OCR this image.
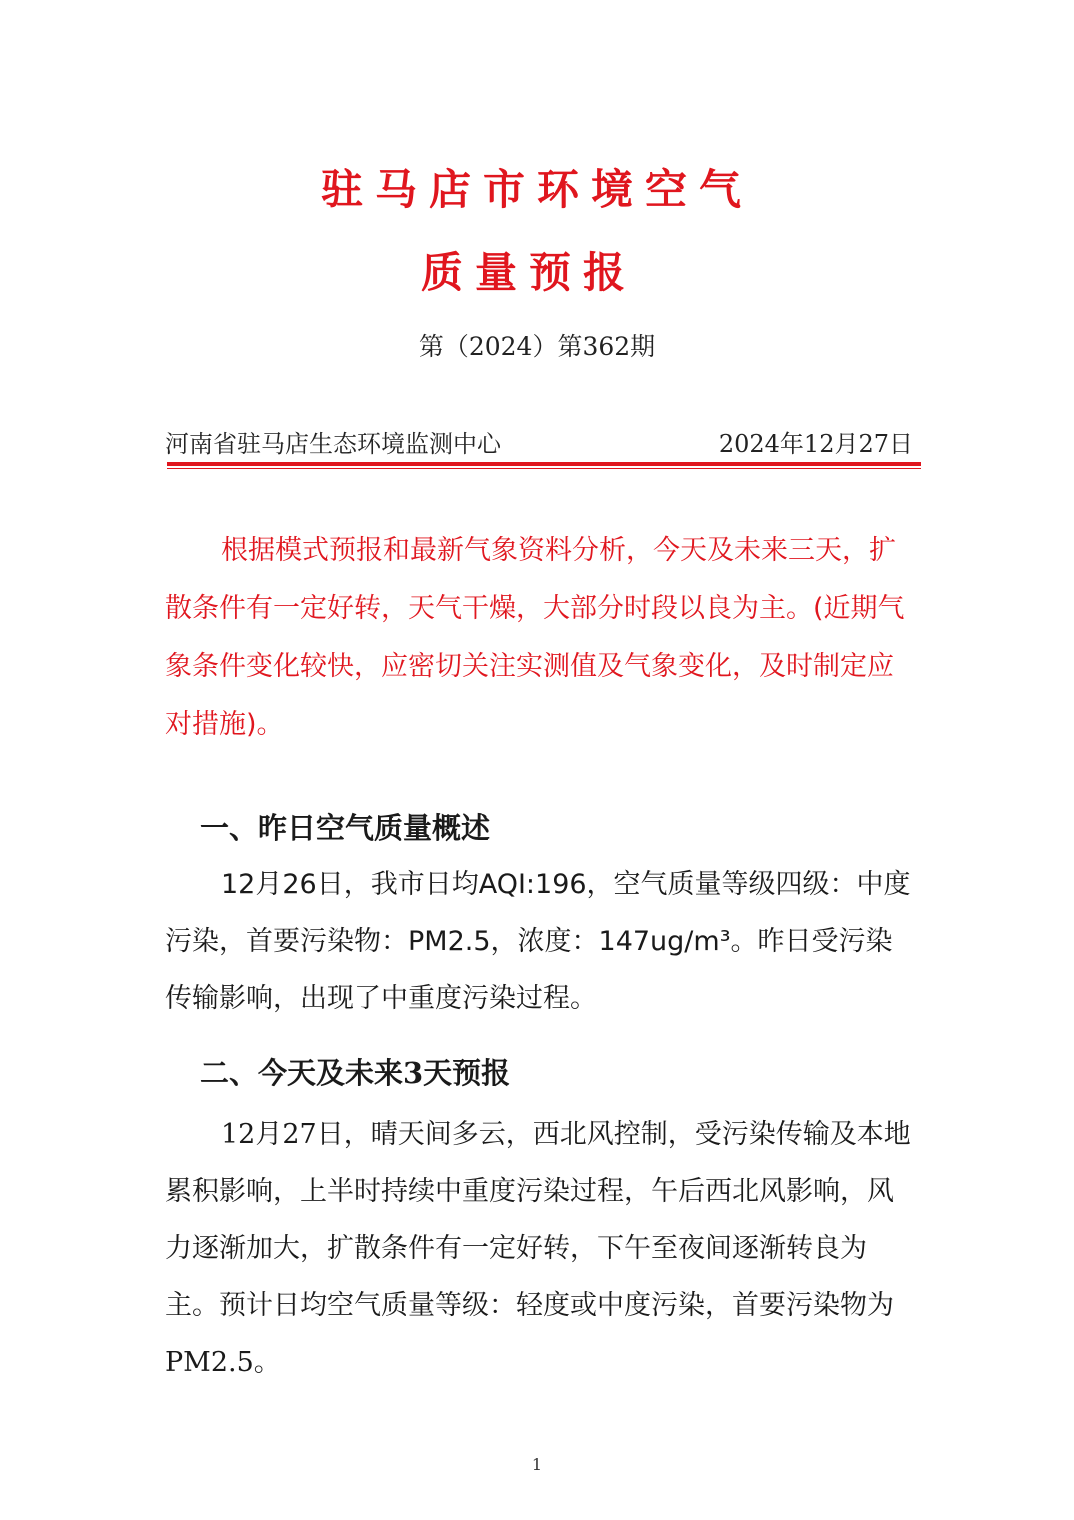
驻马店市环境空气
质量预报
第（2024）第362期
河南省驻马店生态环境监测中心	2024年12月27日

根据模式预报和最新气象资料分析，今天及未来三天，扩散条件有一定好转，天气干燥，大部分时段以良为主。(近期气象条件变化较快，应密切关注实测值及气象变化，及时制定应对措施)。

一、昨日空气质量概述

12月26日，我市日均AQI:196，空气质量等级四级：中度污染，首要污染物：PM2.5，浓度：147ug/m³。昨日受污染传输影响，出现了中重度污染过程。

二、今天及未来3天预报

12月27日，晴天间多云，西北风控制，受污染传输及本地累积影响，上半时持续中重度污染过程，午后西北风影响，风力逐渐加大，扩散条件有一定好转，下午至夜间逐渐转良为主。预计日均空气质量等级：轻度或中度污染，首要污染物为PM2.5。

1
